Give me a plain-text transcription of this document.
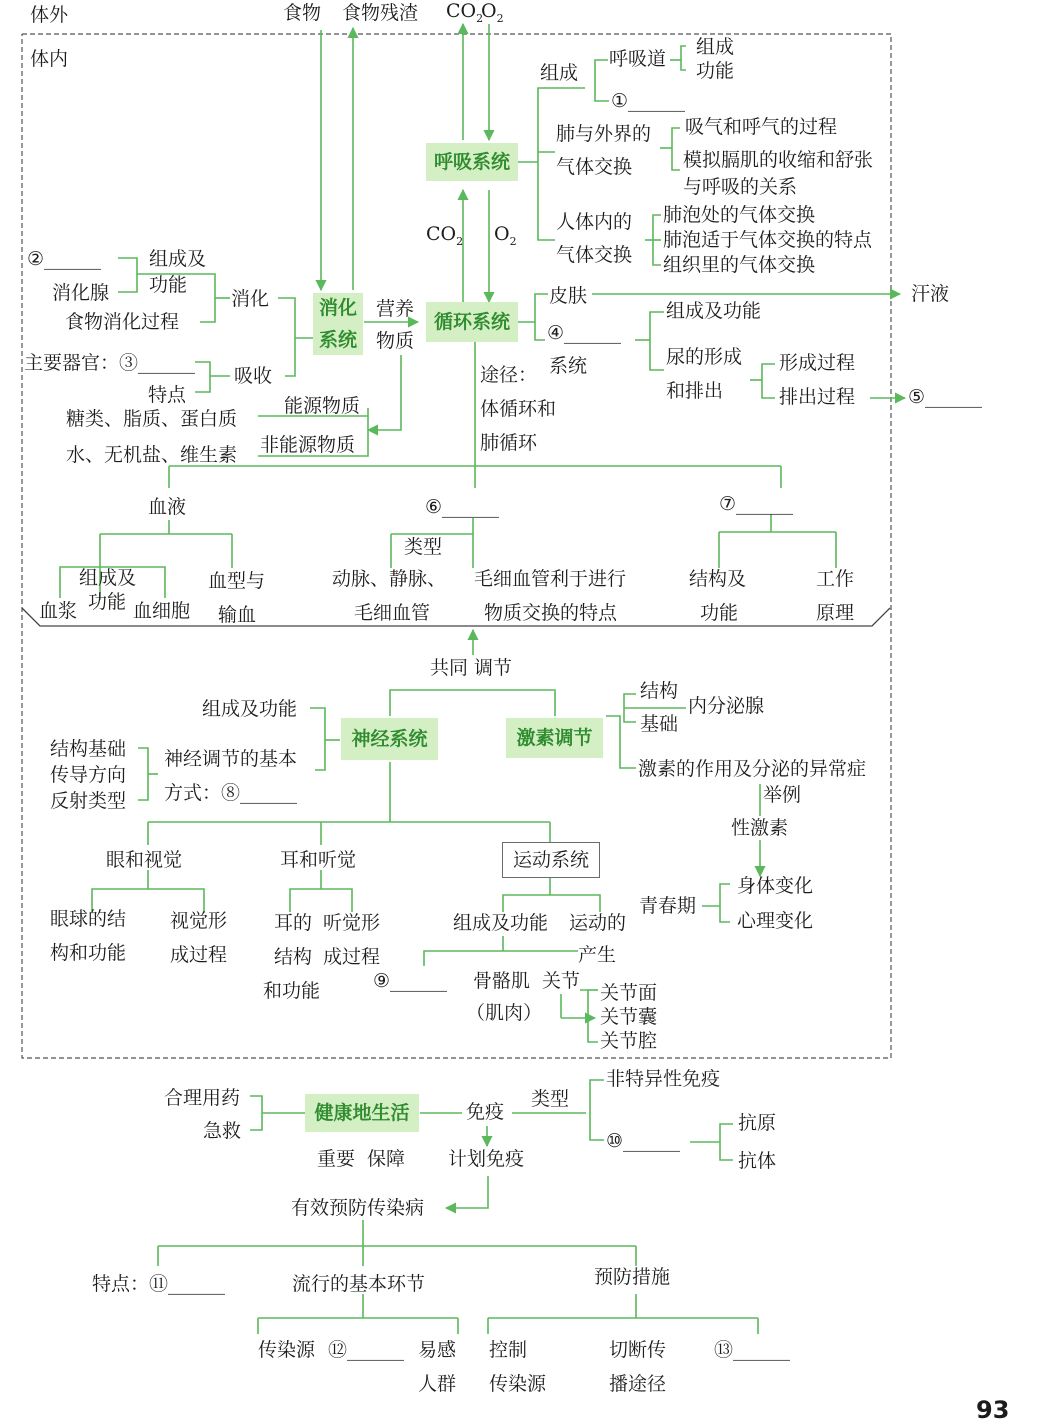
体外	食物 食物残渣 $CO_2$
$O_2$
体内
呼吸系统
组成
呼吸道
组成
功能
①______
肺与外界的
气体交换
吸气和呼气的过程
模拟膈肌的收缩和舒张
与呼吸的关系
人体内的
气体交换
肺泡处的气体交换
肺泡适于气体交换的特点
组织里的气体交换
$CO_2$ $O_2$
消化
系统
②______	组成及
功能
消化腺
食物消化过程
消化
主要器官：③______
特点
吸收
营养
物质
能源物质
糖类、脂质、蛋白质
非能源物质
水、无机盐、维生素
循环系统
途径：
体循环和
肺循环
血液
血浆
组成及
功能 血细胞
血型与
输血
⑥______
类型
动脉、静脉、
毛细血管
毛细血管利于进行
物质交换的特点
⑦______
结构及
功能
工作
原理
皮肤	汗液
④______
系统
组成及功能
尿的形成
和排出
形成过程
排出过程	⑤______
共同 调节
神经系统	激素调节
组成及功能
结构基础
传导方向
反射类型
神经调节的基本
方式：⑧______
结构
基础
内分泌腺
激素的作用及分泌的异常症
举例
性激素
青春期
身体变化
心理变化
眼和视觉
眼球的结
构和功能
视觉形
成过程
耳和听觉
耳的
结构
和功能
听觉形
成过程
运动系统
组成及功能 运动的
产生
⑨______ 骨骼肌
（肌肉）
关节
关节面
关节囊
关节腔
合理用药
急救
健康地生活	免疫
类型
非特异性免疫
⑩______
抗原
抗体
重要 保障 计划免疫
有效预防传染病
特点：⑪______	流行的基本环节	预防措施
传染源 ⑫______ 易感
人群
控制
传染源
切断传
播途径
⑬______
93
